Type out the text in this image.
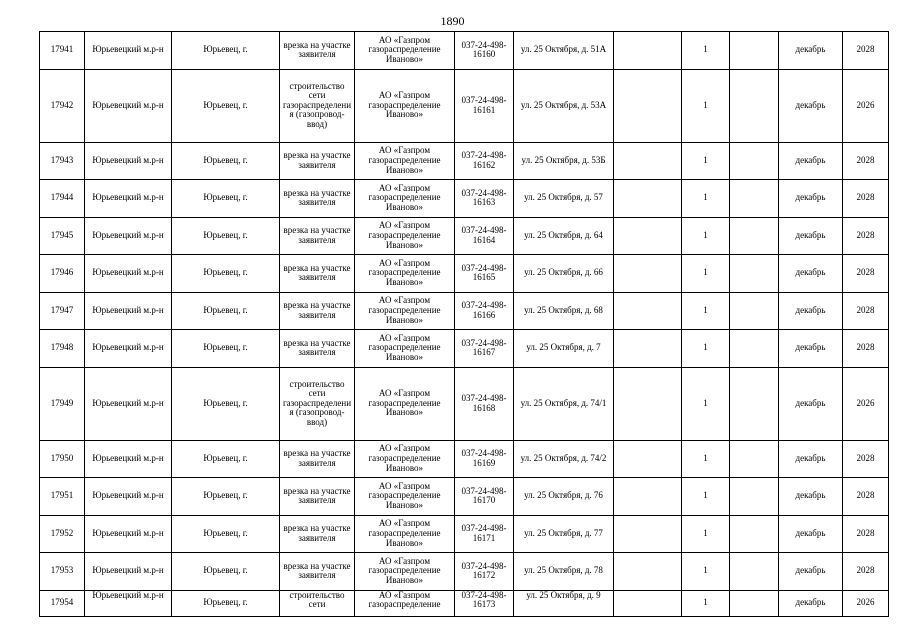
1890
17941	Юрьевецкий м.р-н	Юрьевец, г.	врезка на участке заявителя	АО «Газпром газораспределение Иваново»	037-24-498-16160	ул. 25 Октября, д. 51А		1		декабрь	2028
17942	Юрьевецкий м.р-н	Юрьевец, г.	строительство сети газораспределения (газопровод-ввод)	АО «Газпром газораспределение Иваново»	037-24-498-16161	ул. 25 Октября, д. 53А		1		декабрь	2026
17943	Юрьевецкий м.р-н	Юрьевец, г.	врезка на участке заявителя	АО «Газпром газораспределение Иваново»	037-24-498-16162	ул. 25 Октября, д. 53Б		1		декабрь	2028
17944	Юрьевецкий м.р-н	Юрьевец, г.	врезка на участке заявителя	АО «Газпром газораспределение Иваново»	037-24-498-16163	ул. 25 Октября, д. 57		1		декабрь	2028
17945	Юрьевецкий м.р-н	Юрьевец, г.	врезка на участке заявителя	АО «Газпром газораспределение Иваново»	037-24-498-16164	ул. 25 Октября, д. 64		1		декабрь	2028
17946	Юрьевецкий м.р-н	Юрьевец, г.	врезка на участке заявителя	АО «Газпром газораспределение Иваново»	037-24-498-16165	ул. 25 Октября, д. 66		1		декабрь	2028
17947	Юрьевецкий м.р-н	Юрьевец, г.	врезка на участке заявителя	АО «Газпром газораспределение Иваново»	037-24-498-16166	ул. 25 Октября, д. 68		1		декабрь	2028
17948	Юрьевецкий м.р-н	Юрьевец, г.	врезка на участке заявителя	АО «Газпром газораспределение Иваново»	037-24-498-16167	ул. 25 Октября, д. 7		1		декабрь	2028
17949	Юрьевецкий м.р-н	Юрьевец, г.	строительство сети газораспределения (газопровод-ввод)	АО «Газпром газораспределение Иваново»	037-24-498-16168	ул. 25 Октября, д. 74/1		1		декабрь	2026
17950	Юрьевецкий м.р-н	Юрьевец, г.	врезка на участке заявителя	АО «Газпром газораспределение Иваново»	037-24-498-16169	ул. 25 Октября, д. 74/2		1		декабрь	2028
17951	Юрьевецкий м.р-н	Юрьевец, г.	врезка на участке заявителя	АО «Газпром газораспределение Иваново»	037-24-498-16170	ул. 25 Октября, д. 76		1		декабрь	2028
17952	Юрьевецкий м.р-н	Юрьевец, г.	врезка на участке заявителя	АО «Газпром газораспределение Иваново»	037-24-498-16171	ул. 25 Октября, д. 77		1		декабрь	2028
17953	Юрьевецкий м.р-н	Юрьевец, г.	врезка на участке заявителя	АО «Газпром газораспределение Иваново»	037-24-498-16172	ул. 25 Октября, д. 78		1		декабрь	2028
17954	Юрьевецкий м.р-н	Юрьевец, г.	строительство сети	АО «Газпром газораспределение	037-24-498-16173	ул. 25 Октября, д. 9		1		декабрь	2026
